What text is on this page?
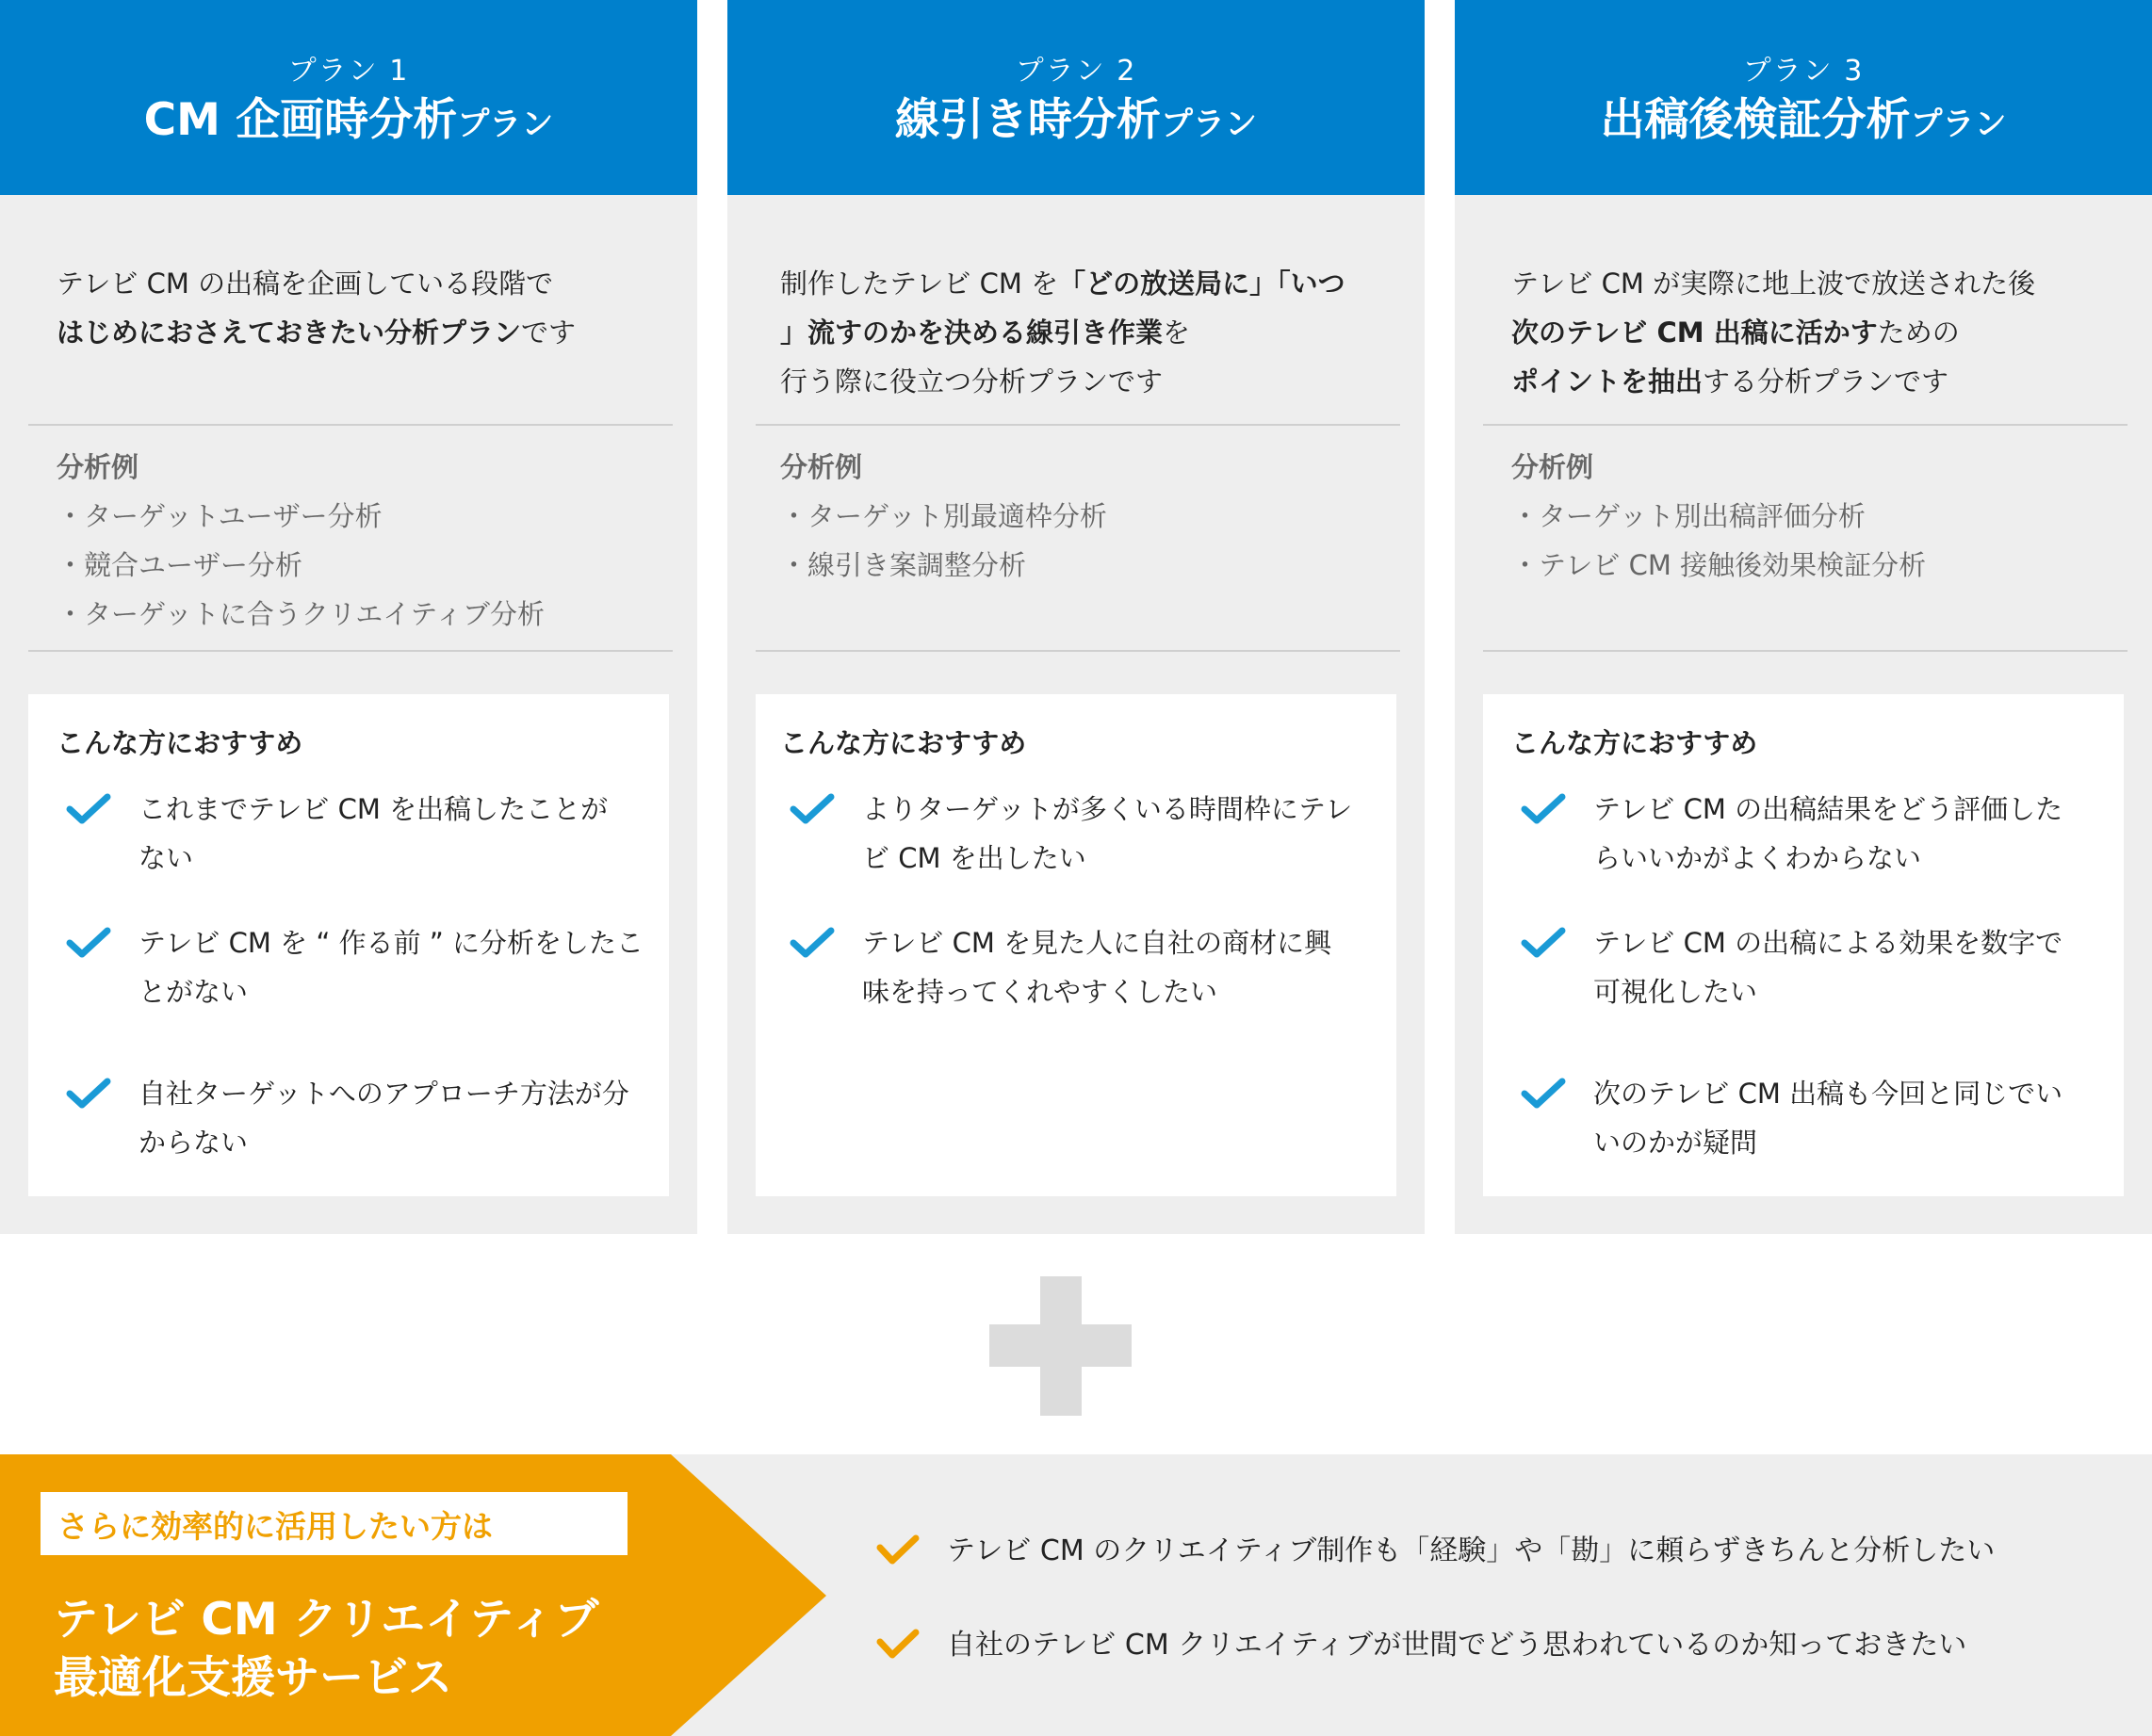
プラン 1
CM 企画時分析プラン
テレビ CM の出稿を企画している段階で
はじめにおさえておきたい分析プランです
分析例
・ターゲットユーザー分析
・競合ユーザー分析
・ターゲットに合うクリエイティブ分析
こんな方におすすめ
これまでテレビ CM を出稿したことが
ない
テレビ CM を “ 作る前 ” に分析をしたこ
とがない
自社ターゲットへのアプローチ方法が分
からない
プラン 2
線引き時分析プラン
制作したテレビ CM を「どの放送局に」「いつ
」流すのかを決める線引き作業を
行う際に役立つ分析プランです
分析例
・ターゲット別最適枠分析
・線引き案調整分析
こんな方におすすめ
よりターゲットが多くいる時間枠にテレ
ビ CM を出したい
テレビ CM を見た人に自社の商材に興
味を持ってくれやすくしたい
プラン 3
出稿後検証分析プラン
テレビ CM が実際に地上波で放送された後
次のテレビ CM 出稿に活かすための
ポイントを抽出する分析プランです
分析例
・ターゲット別出稿評価分析
・テレビ CM 接触後効果検証分析
こんな方におすすめ
テレビ CM の出稿結果をどう評価した
らいいかがよくわからない
テレビ CM の出稿による効果を数字で
可視化したい
次のテレビ CM 出稿も今回と同じでい
いのかが疑問
さらに効率的に活用したい方は
テレビ CM クリエイティブ
最適化支援サービス
テレビ CM のクリエイティブ制作も「経験」や「勘」に頼らずきちんと分析したい
自社のテレビ CM クリエイティブが世間でどう思われているのか知っておきたい
